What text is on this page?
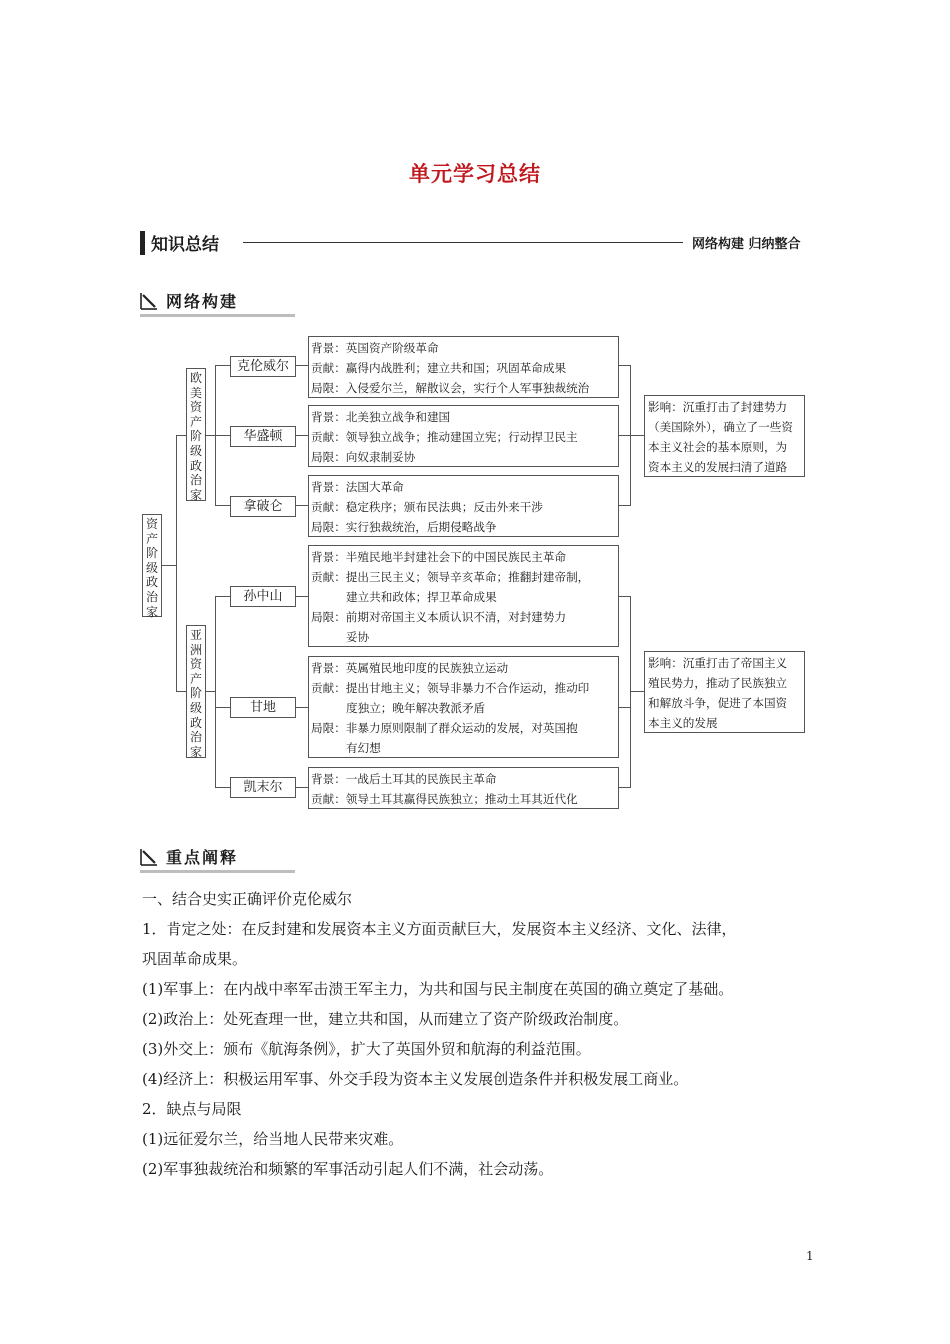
单元学习总结
知识总结	网络构建 归纳整合
网络构建
资
产
阶
级
政
治
家
欧
美
资
产
阶
级
政
治
家
亚
洲
资
产
阶
级
政
治
家
克伦威尔
华盛顿
拿破仑
孙中山
甘地
凯末尔
背景：英国资产阶级革命
贡献：赢得内战胜利；建立共和国；巩固革命成果
局限：入侵爱尔兰，解散议会，实行个人军事独裁统治
背景：北美独立战争和建国
贡献：领导独立战争；推动建国立宪；行动捍卫民主
局限：向奴隶制妥协
背景：法国大革命
贡献：稳定秩序；颁布民法典；反击外来干涉
局限：实行独裁统治，后期侵略战争
背景：半殖民地半封建社会下的中国民族民主革命
贡献：提出三民主义；领导辛亥革命；推翻封建帝制，
建立共和政体；捍卫革命成果
局限：前期对帝国主义本质认识不清，对封建势力
妥协
背景：英属殖民地印度的民族独立运动
贡献：提出甘地主义；领导非暴力不合作运动，推动印
度独立；晚年解决教派矛盾
局限：非暴力原则限制了群众运动的发展，对英国抱
有幻想
背景：一战后土耳其的民族民主革命
贡献：领导土耳其赢得民族独立；推动土耳其近代化
影响：沉重打击了封建势力
（美国除外），确立了一些资
本主义社会的基本原则，为
资本主义的发展扫清了道路
影响：沉重打击了帝国主义
殖民势力，推动了民族独立
和解放斗争，促进了本国资
本主义的发展
重点阐释

一、结合史实正确评价克伦威尔

1．肯定之处：在反封建和发展资本主义方面贡献巨大，发展资本主义经济、文化、法律，

巩固革命成果。

(1)军事上：在内战中率军击溃王军主力，为共和国与民主制度在英国的确立奠定了基础。

(2)政治上：处死查理一世，建立共和国，从而建立了资产阶级政治制度。

(3)外交上：颁布《航海条例》，扩大了英国外贸和航海的利益范围。

(4)经济上：积极运用军事、外交手段为资本主义发展创造条件并积极发展工商业。

2．缺点与局限

(1)远征爱尔兰，给当地人民带来灾难。

(2)军事独裁统治和频繁的军事活动引起人们不满，社会动荡。

1
